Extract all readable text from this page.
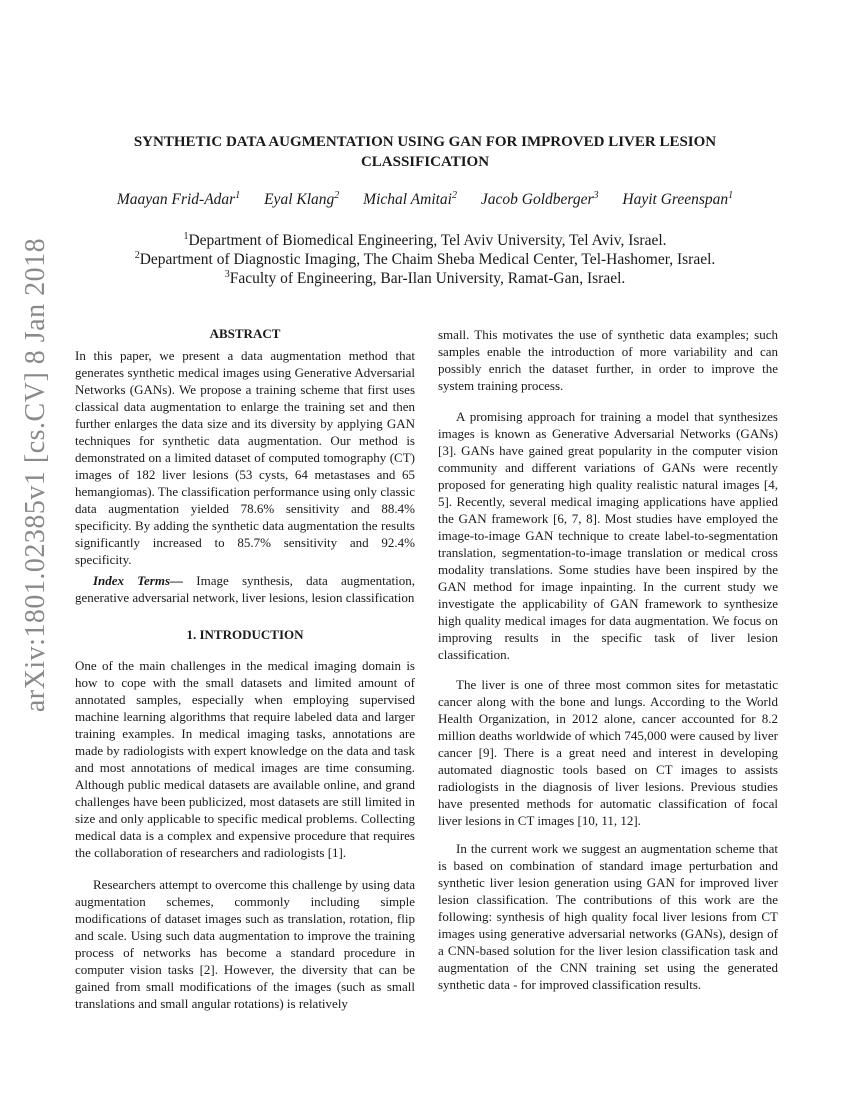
arXiv:1801.02385v1 [cs.CV] 8 Jan 2018
SYNTHETIC DATA AUGMENTATION USING GAN FOR IMPROVED LIVER LESION
CLASSIFICATION
Maayan Frid-Adar$^1$ Eyal Klang$^2$ Michal Amitai$^2$ Jacob Goldberger$^3$ Hayit Greenspan$^1$
$^1$Department of Biomedical Engineering, Tel Aviv University, Tel Aviv, Israel.
$^2$Department of Diagnostic Imaging, The Chaim Sheba Medical Center, Tel-Hashomer, Israel.
$^3$Faculty of Engineering, Bar-Ilan University, Ramat-Gan, Israel.
ABSTRACT

In this paper, we present a data augmentation method that generates synthetic medical images using Generative Adversarial Networks (GANs). We propose a training scheme that first uses classical data augmentation to enlarge the training set and then further enlarges the data size and its diversity by applying GAN techniques for synthetic data augmentation. Our method is demonstrated on a limited dataset of computed tomography (CT) images of 182 liver lesions (53 cysts, 64 metastases and 65 hemangiomas). The classification performance using only classic data augmentation yielded 78.6% sensitivity and 88.4% specificity. By adding the synthetic data augmentation the results significantly increased to 85.7% sensitivity and 92.4% specificity.

Index Terms— Image synthesis, data augmentation, generative adversarial network, liver lesions, lesion classification

1. INTRODUCTION

One of the main challenges in the medical imaging domain is how to cope with the small datasets and limited amount of annotated samples, especially when employing supervised machine learning algorithms that require labeled data and larger training examples. In medical imaging tasks, annotations are made by radiologists with expert knowledge on the data and task and most annotations of medical images are time consuming. Although public medical datasets are available online, and grand challenges have been publicized, most datasets are still limited in size and only applicable to specific medical problems. Collecting medical data is a complex and expensive procedure that requires the collaboration of researchers and radiologists [1].

Researchers attempt to overcome this challenge by using data augmentation schemes, commonly including simple modifications of dataset images such as translation, rotation, flip and scale. Using such data augmentation to improve the training process of networks has become a standard procedure in computer vision tasks [2]. However, the diversity that can be gained from small modifications of the images (such as small translations and small angular rotations) is relatively

small. This motivates the use of synthetic data examples; such samples enable the introduction of more variability and can possibly enrich the dataset further, in order to improve the system training process.

A promising approach for training a model that synthesizes images is known as Generative Adversarial Networks (GANs) [3]. GANs have gained great popularity in the computer vision community and different variations of GANs were recently proposed for generating high quality realistic natural images [4, 5]. Recently, several medical imaging applications have applied the GAN framework [6, 7, 8]. Most studies have employed the image-to-image GAN technique to create label-to-segmentation translation, segmentation-to-image translation or medical cross modality translations. Some studies have been inspired by the GAN method for image inpainting. In the current study we investigate the applicability of GAN framework to synthesize high quality medical images for data augmentation. We focus on improving results in the specific task of liver lesion classification.

The liver is one of three most common sites for metastatic cancer along with the bone and lungs. According to the World Health Organization, in 2012 alone, cancer accounted for 8.2 million deaths worldwide of which 745,000 were caused by liver cancer [9]. There is a great need and interest in developing automated diagnostic tools based on CT images to assists radiologists in the diagnosis of liver lesions. Previous studies have presented methods for automatic classification of focal liver lesions in CT images [10, 11, 12].

In the current work we suggest an augmentation scheme that is based on combination of standard image perturbation and synthetic liver lesion generation using GAN for improved liver lesion classification. The contributions of this work are the following: synthesis of high quality focal liver lesions from CT images using generative adversarial networks (GANs), design of a CNN-based solution for the liver lesion classification task and augmentation of the CNN training set using the generated synthetic data - for improved classification results.
